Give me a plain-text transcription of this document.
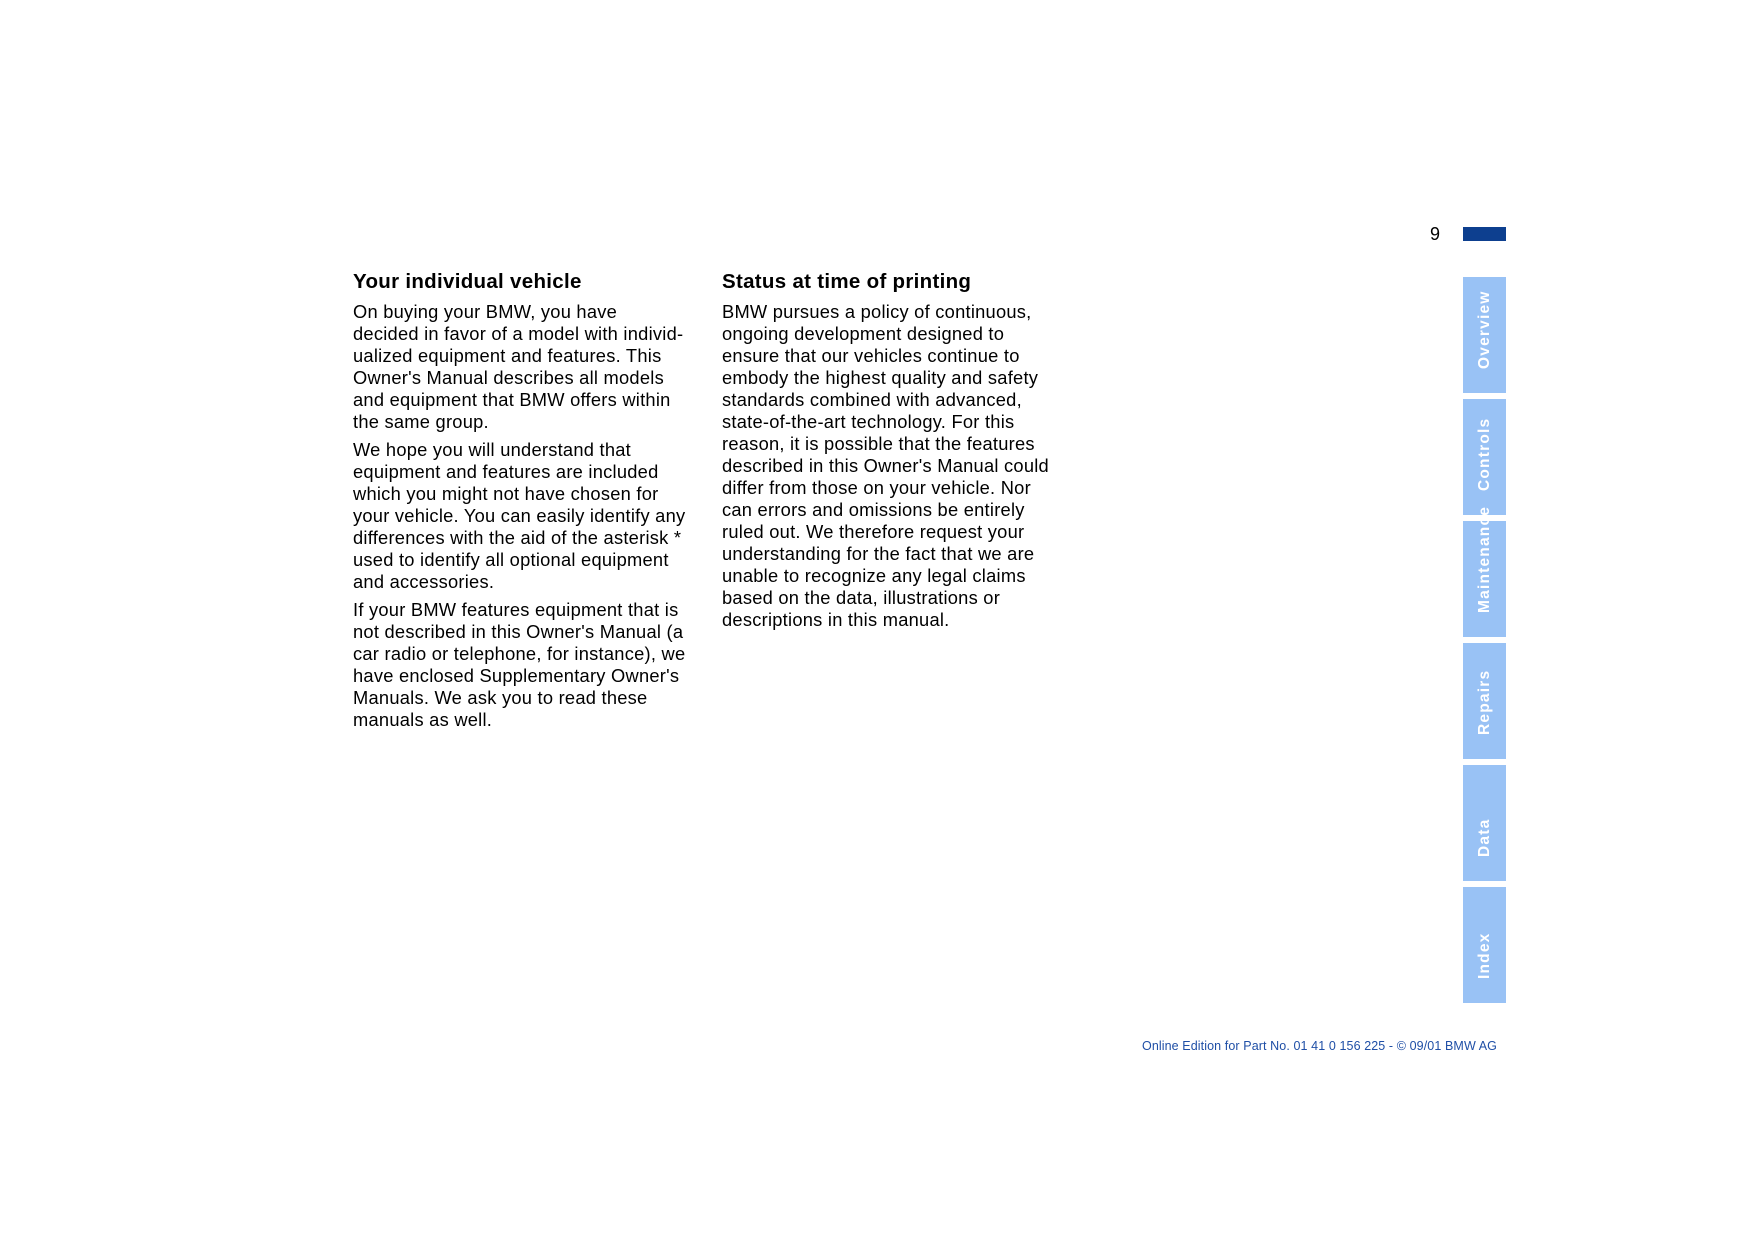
9
Your individual vehicle

On buying your BMW, you have
decided in favor of a model with individ-
ualized equipment and features. This
Owner's Manual describes all models
and equipment that BMW offers within
the same group.

We hope you will understand that
equipment and features are included
which you might not have chosen for
your vehicle. You can easily identify any
differences with the aid of the asterisk *
used to identify all optional equipment
and accessories.

If your BMW features equipment that is
not described in this Owner's Manual (a
car radio or telephone, for instance), we
have enclosed Supplementary Owner's
Manuals. We ask you to read these
manuals as well.

Status at time of printing

BMW pursues a policy of continuous,
ongoing development designed to
ensure that our vehicles continue to
embody the highest quality and safety
standards combined with advanced,
state-of-the-art technology. For this
reason, it is possible that the features
described in this Owner's Manual could
differ from those on your vehicle. Nor
can errors and omissions be entirely
ruled out. We therefore request your
understanding for the fact that we are
unable to recognize any legal claims
based on the data, illustrations or
descriptions in this manual.

Overview
Controls
Maintenance
Repairs
Data
Index
Online Edition for Part No. 01 41 0 156 225 - © 09/01 BMW AG
